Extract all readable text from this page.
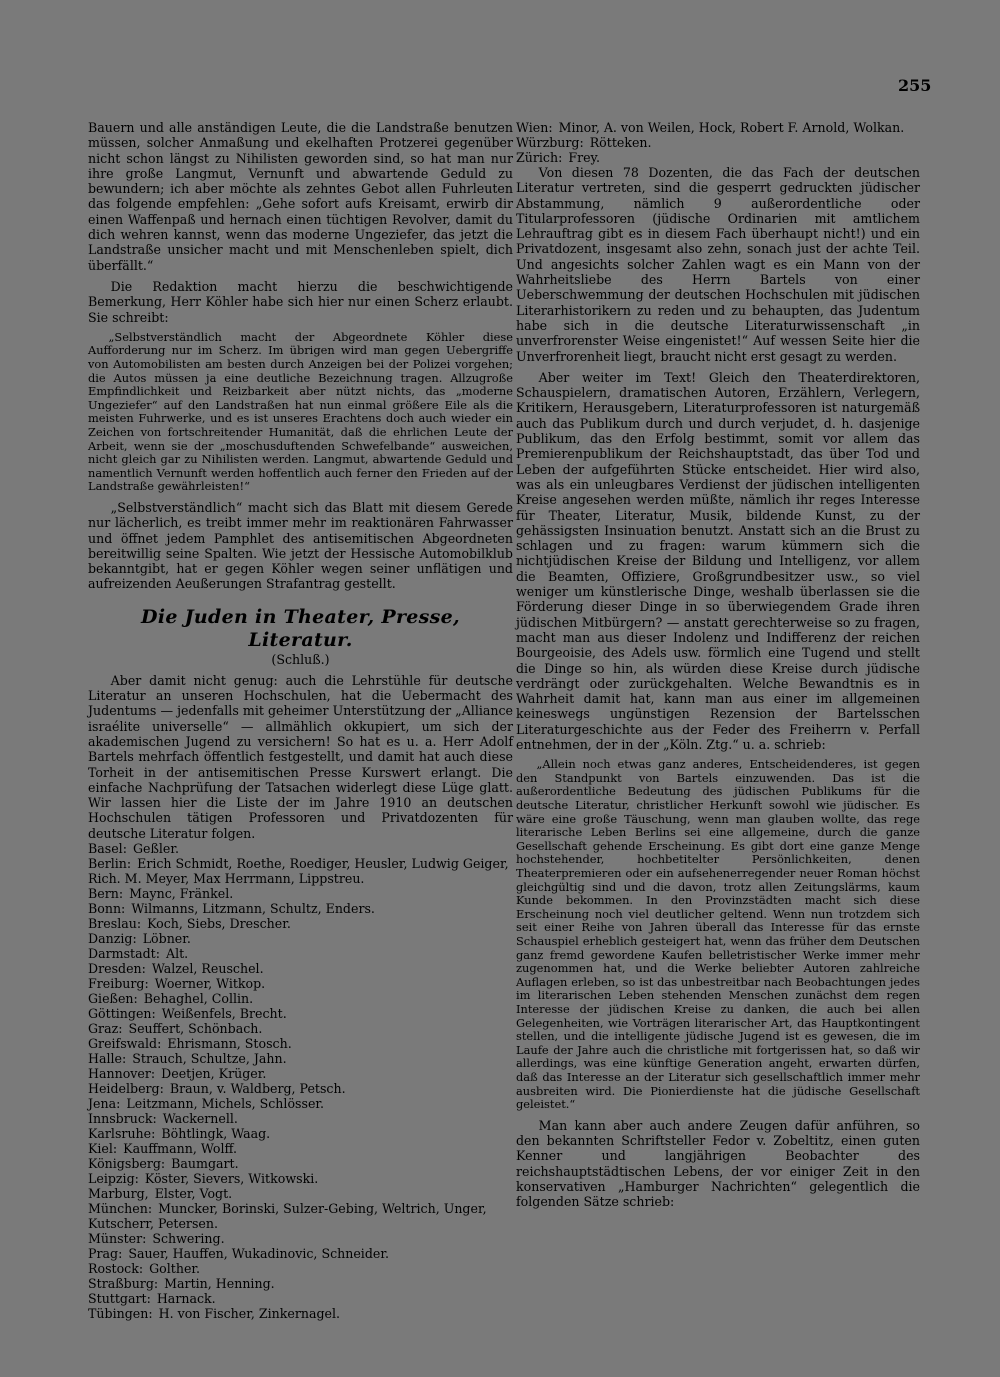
255

Bauern und alle anständigen Leute, die die Landstraße benutzen müssen, solcher Anmaßung und ekelhaften Protzerei gegenüber nicht schon längst zu Nihilisten geworden sind, so hat man nur ihre große Langmut, Vernunft und abwartende Geduld zu bewundern; ich aber möchte als zehntes Gebot allen Fuhrleuten das folgende empfehlen: „Gehe sofort aufs Kreisamt, erwirb dir einen Waffenpaß und hernach einen tüchtigen Revolver, damit du dich wehren kannst, wenn das moderne Ungeziefer, das jetzt die Landstraße unsicher macht und mit Menschenleben spielt, dich überfällt.“

Die Redaktion macht hierzu die beschwichtigende Bemerkung, Herr Köhler habe sich hier nur einen Scherz erlaubt. Sie schreibt:

„Selbstverständlich macht der Abgeordnete Köhler diese Aufforderung nur im Scherz. Im übrigen wird man gegen Uebergriffe von Automobilisten am besten durch Anzeigen bei der Polizei vorgehen; die Autos müssen ja eine deutliche Bezeichnung tragen. Allzugroße Empfindlichkeit und Reizbarkeit aber nützt nichts, das „moderne Ungeziefer“ auf den Landstraßen hat nun einmal größere Eile als die meisten Fuhrwerke, und es ist unseres Erachtens doch auch wieder ein Zeichen von fortschreitender Humanität, daß die ehrlichen Leute der Arbeit, wenn sie der „moschusduftenden Schwefelbande“ ausweichen, nicht gleich gar zu Nihilisten werden. Langmut, abwartende Geduld und namentlich Vernunft werden hoffentlich auch ferner den Frieden auf der Landstraße gewährleisten!“

„Selbstverständlich“ macht sich das Blatt mit diesem Gerede nur lächerlich, es treibt immer mehr im reaktionären Fahrwasser und öffnet jedem Pamphlet des antisemitischen Abgeordneten bereitwillig seine Spalten. Wie jetzt der Hessische Automobilklub bekanntgibt, hat er gegen Köhler wegen seiner unflätigen und aufreizenden Aeußerungen Strafantrag gestellt.

Die Juden in Theater, Presse, Literatur.
(Schluß.)

Aber damit nicht genug: auch die Lehrstühle für deutsche Literatur an unseren Hochschulen, hat die Uebermacht des Judentums — jedenfalls mit geheimer Unterstützung der „Alliance israélite universelle“ — allmählich okkupiert, um sich der akademischen Jugend zu versichern! So hat es u. a. Herr Adolf Bartels mehrfach öffentlich festgestellt, und damit hat auch diese Torheit in der antisemitischen Presse Kurswert erlangt. Die einfache Nachprüfung der Tatsachen widerlegt diese Lüge glatt. Wir lassen hier die Liste der im Jahre 1910 an deutschen Hochschulen tätigen Professoren und Privatdozenten für deutsche Literatur folgen.

Basel: Geßler.
Berlin: Erich Schmidt, Roethe, Roediger, Heusler, Ludwig Geiger, Rich. M. Meyer, Max Herrmann, Lippstreu.
Bern: Maync, Fränkel.
Bonn: Wilmanns, Litzmann, Schultz, Enders.
Breslau: Koch, Siebs, Drescher.
Danzig: Löbner.
Darmstadt: Alt.
Dresden: Walzel, Reuschel.
Freiburg: Woerner, Witkop.
Gießen: Behaghel, Collin.
Göttingen: Weißenfels, Brecht.
Graz: Seuffert, Schönbach.
Greifswald: Ehrismann, Stosch.
Halle: Strauch, Schultze, Jahn.
Hannover: Deetjen, Krüger.
Heidelberg: Braun, v. Waldberg, Petsch.
Jena: Leitzmann, Michels, Schlösser.
Innsbruck: Wackernell.
Karlsruhe: Böhtlingk, Waag.
Kiel: Kauffmann, Wolff.
Königsberg: Baumgart.
Leipzig: Köster, Sievers, Witkowski.
Marburg, Elster, Vogt.
München: Muncker, Borinski, Sulzer-Gebing, Weltrich, Unger, Kutscherr, Petersen.
Münster: Schwering.
Prag: Sauer, Hauffen, Wukadinovic, Schneider.
Rostock: Golther.
Straßburg: Martin, Henning.
Stuttgart: Harnack.
Tübingen: H. von Fischer, Zinkernagel.
Wien: Minor, A. von Weilen, Hock, Robert F. Arnold, Wolkan.
Würzburg: Rötteken.
Zürich: Frey.

Von diesen 78 Dozenten, die das Fach der deutschen Literatur vertreten, sind die gesperrt gedruckten jüdischer Abstammung, nämlich 9 außerordentliche oder Titularprofessoren (jüdische Ordinarien mit amtlichem Lehrauftrag gibt es in diesem Fach überhaupt nicht!) und ein Privatdozent, insgesamt also zehn, sonach just der achte Teil. Und angesichts solcher Zahlen wagt es ein Mann von der Wahrheitsliebe des Herrn Bartels von einer Ueberschwemmung der deutschen Hochschulen mit jüdischen Literarhistorikern zu reden und zu behaupten, das Judentum habe sich in die deutsche Literaturwissenschaft „in unverfrorenster Weise eingenistet!“ Auf wessen Seite hier die Unverfrorenheit liegt, braucht nicht erst gesagt zu werden.

Aber weiter im Text! Gleich den Theaterdirektoren, Schauspielern, dramatischen Autoren, Erzählern, Verlegern, Kritikern, Herausgebern, Literaturprofessoren ist naturgemäß auch das Publikum durch und durch verjudet, d. h. dasjenige Publikum, das den Erfolg bestimmt, somit vor allem das Premierenpublikum der Reichshauptstadt, das über Tod und Leben der aufgeführten Stücke entscheidet. Hier wird also, was als ein unleugbares Verdienst der jüdischen intelligenten Kreise angesehen werden müßte, nämlich ihr reges Interesse für Theater, Literatur, Musik, bildende Kunst, zu der gehässigsten Insinuation benutzt. Anstatt sich an die Brust zu schlagen und zu fragen: warum kümmern sich die nichtjüdischen Kreise der Bildung und Intelligenz, vor allem die Beamten, Offiziere, Großgrundbesitzer usw., so viel weniger um künstlerische Dinge, weshalb überlassen sie die Förderung dieser Dinge in so überwiegendem Grade ihren jüdischen Mitbürgern? — anstatt gerechterweise so zu fragen, macht man aus dieser Indolenz und Indifferenz der reichen Bourgeoisie, des Adels usw. förmlich eine Tugend und stellt die Dinge so hin, als würden diese Kreise durch jüdische verdrängt oder zurückgehalten. Welche Bewandtnis es in Wahrheit damit hat, kann man aus einer im allgemeinen keineswegs ungünstigen Rezension der Bartelsschen Literaturgeschichte aus der Feder des Freiherrn v. Perfall entnehmen, der in der „Köln. Ztg.“ u. a. schrieb:

„Allein noch etwas ganz anderes, Entscheidenderes, ist gegen den Standpunkt von Bartels einzuwenden. Das ist die außerordentliche Bedeutung des jüdischen Publikums für die deutsche Literatur, christlicher Herkunft sowohl wie jüdischer. Es wäre eine große Täuschung, wenn man glauben wollte, das rege literarische Leben Berlins sei eine allgemeine, durch die ganze Gesellschaft gehende Erscheinung. Es gibt dort eine ganze Menge hochstehender, hochbetitelter Persönlichkeiten, denen Theaterpremieren oder ein aufsehenerregender neuer Roman höchst gleichgültig sind und die davon, trotz allen Zeitungslärms, kaum Kunde bekommen. In den Provinzstädten macht sich diese Erscheinung noch viel deutlicher geltend. Wenn nun trotzdem sich seit einer Reihe von Jahren überall das Interesse für das ernste Schauspiel erheblich gesteigert hat, wenn das früher dem Deutschen ganz fremd gewordene Kaufen belletristischer Werke immer mehr zugenommen hat, und die Werke beliebter Autoren zahlreiche Auflagen erleben, so ist das unbestreitbar nach Beobachtungen jedes im literarischen Leben stehenden Menschen zunächst dem regen Interesse der jüdischen Kreise zu danken, die auch bei allen Gelegenheiten, wie Vorträgen literarischer Art, das Hauptkontingent stellen, und die intelligente jüdische Jugend ist es gewesen, die im Laufe der Jahre auch die christliche mit fortgerissen hat, so daß wir allerdings, was eine künftige Generation angeht, erwarten dürfen, daß das Interesse an der Literatur sich gesellschaftlich immer mehr ausbreiten wird. Die Pionierdienste hat die jüdische Gesellschaft geleistet.“

Man kann aber auch andere Zeugen dafür anführen, so den bekannten Schriftsteller Fedor v. Zobeltitz, einen guten Kenner und langjährigen Beobachter des reichshauptstädtischen Lebens, der vor einiger Zeit in den konservativen „Hamburger Nachrichten“ gelegentlich die folgenden Sätze schrieb:
